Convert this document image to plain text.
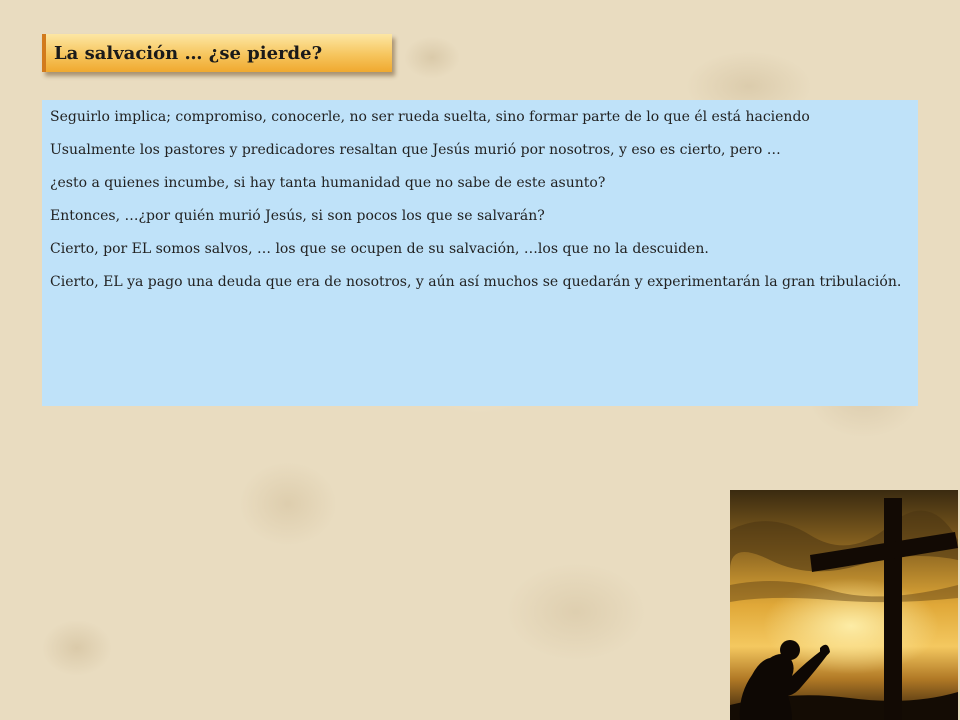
La salvación … ¿se pierde?

Seguirlo implica; compromiso, conocerle, no ser rueda suelta, sino formar parte de lo que él está haciendo

Usualmente los pastores y predicadores resaltan que Jesús murió por nosotros, y eso es cierto, pero …

¿esto a quienes incumbe, si hay tanta humanidad que no sabe de este asunto?

Entonces, …¿por quién murió Jesús, si son pocos los que se salvarán?

Cierto, por EL somos salvos, … los que se ocupen de su salvación, …los que no la descuiden.

Cierto, EL ya pago una deuda que era de nosotros, y aún así muchos se quedarán y experimentarán la gran tribulación.
